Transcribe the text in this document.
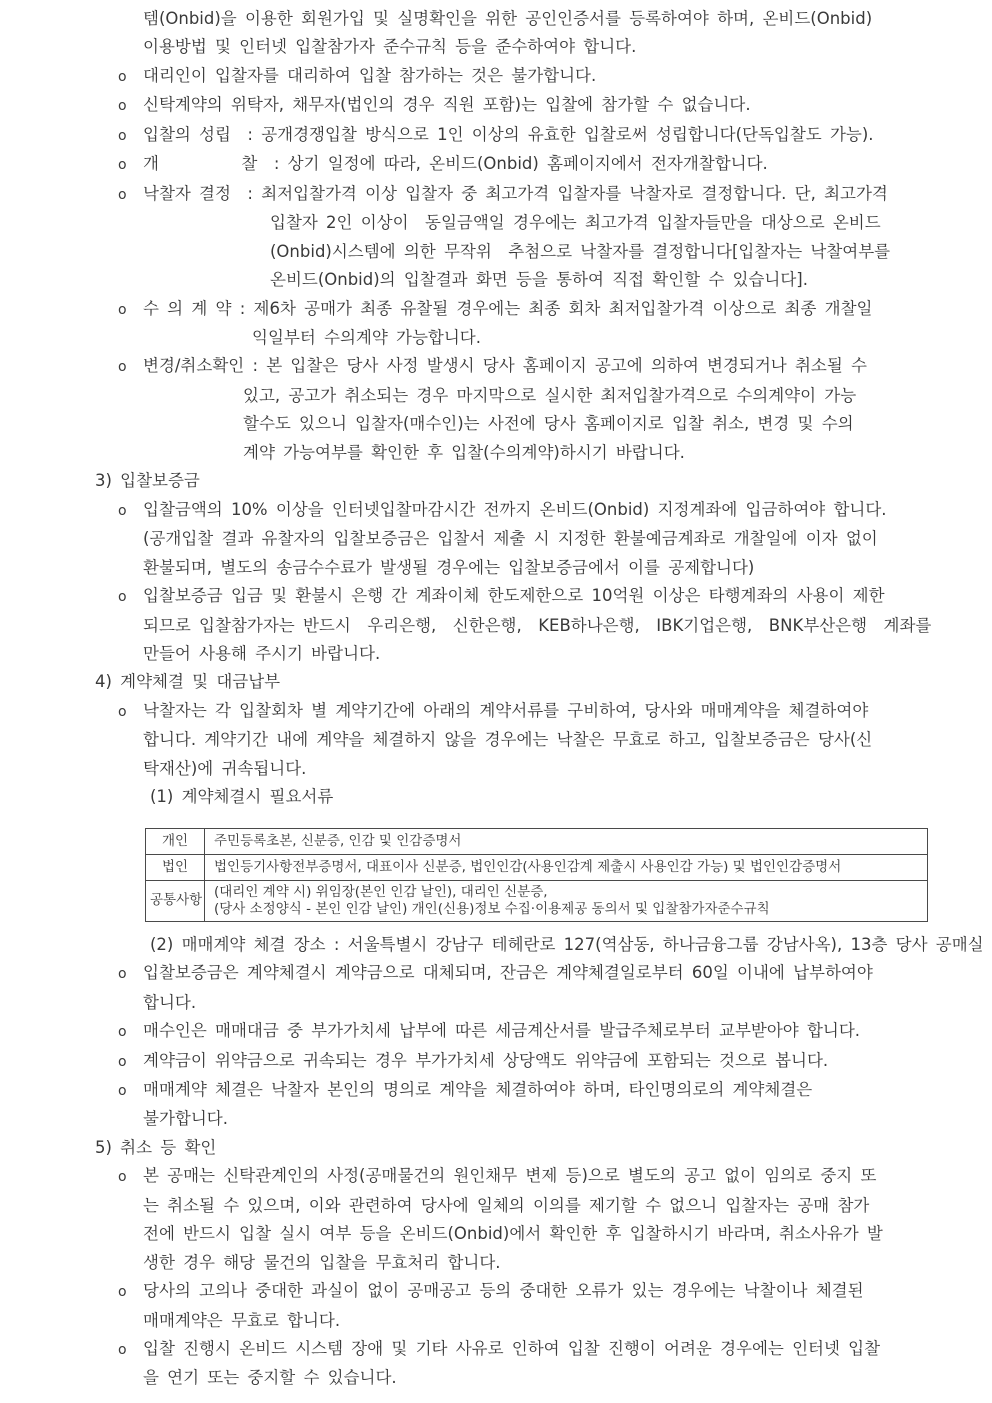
템(Onbid)을 이용한 회원가입 및 실명확인을 위한 공인인증서를 등록하여야 하며, 온비드(Onbid)
이용방법 및 인터넷 입찰참가자 준수규칙 등을 준수하여야 합니다.
o 대리인이 입찰자를 대리하여 입찰 참가하는 것은 불가합니다.
o 신탁계약의 위탁자, 채무자(법인의 경우 직원 포함)는 입찰에 참가할 수 없습니다.
o 입찰의 성립  : 공개경쟁입찰 방식으로 1인 이상의 유효한 입찰로써 성립합니다(단독입찰도 가능).
o 개          찰  : 상기 일정에 따라, 온비드(Onbid) 홈페이지에서 전자개찰합니다.
o 낙찰자 결정  : 최저입찰가격 이상 입찰자 중 최고가격 입찰자를 낙찰자로 결정합니다. 단, 최고가격
입찰자 2인 이상이  동일금액일 경우에는 최고가격 입찰자들만을 대상으로 온비드
(Onbid)시스템에 의한 무작위  추첨으로 낙찰자를 결정합니다[입찰자는 낙찰여부를
온비드(Onbid)의 입찰결과 화면 등을 통하여 직접 확인할 수 있습니다].
o 수 의 계 약 : 제6차 공매가 최종 유찰될 경우에는 최종 회차 최저입찰가격 이상으로 최종 개찰일
익일부터 수의계약 가능합니다.
o 변경/취소확인 : 본 입찰은 당사 사정 발생시 당사 홈페이지 공고에 의하여 변경되거나 취소될 수
있고, 공고가 취소되는 경우 마지막으로 실시한 최저입찰가격으로 수의계약이 가능
할수도 있으니 입찰자(매수인)는 사전에 당사 홈페이지로 입찰 취소, 변경 및 수의
계약 가능여부를 확인한 후 입찰(수의계약)하시기 바랍니다.
3) 입찰보증금
o 입찰금액의 10% 이상을 인터넷입찰마감시간 전까지 온비드(Onbid) 지정계좌에 입금하여야 합니다.
(공개입찰 결과 유찰자의 입찰보증금은 입찰서 제출 시 지정한 환불예금계좌로 개찰일에 이자 없이
환불되며, 별도의 송금수수료가 발생될 경우에는 입찰보증금에서 이를 공제합니다)
o 입찰보증금 입금 및 환불시 은행 간 계좌이체 한도제한으로 10억원 이상은 타행계좌의 사용이 제한
되므로 입찰참가자는 반드시  우리은행,  신한은행,  KEB하나은행,  IBK기업은행,  BNK부산은행  계좌를
만들어 사용해 주시기 바랍니다.
4) 계약체결 및 대금납부
o 낙찰자는 각 입찰회차 별 계약기간에 아래의 계약서류를 구비하여, 당사와 매매계약을 체결하여야
합니다. 계약기간 내에 계약을 체결하지 않을 경우에는 낙찰은 무효로 하고, 입찰보증금은 당사(신
탁재산)에 귀속됩니다.
(1) 계약체결시 필요서류
개인	주민등록초본, 신분증, 인감 및 인감증명서

법인	법인등기사항전부증명서, 대표이사 신분증, 법인인감(사용인감계 제출시 사용인감 가능) 및 법인인감증명서

공통사항	(대리인 계약 시) 위임장(본인 인감 날인), 대리인 신분증,
(당사 소정양식 - 본인 인감 날인) 개인(신용)정보 수집·이용제공 동의서 및 입찰참가자준수규칙
(2) 매매계약 체결 장소 : 서울특별시 강남구 테헤란로 127(역삼동, 하나금융그룹 강남사옥), 13층 당사 공매실
o 입찰보증금은 계약체결시 계약금으로 대체되며, 잔금은 계약체결일로부터 60일 이내에 납부하여야
합니다.
o 매수인은 매매대금 중 부가가치세 납부에 따른 세금계산서를 발급주체로부터 교부받아야 합니다.
o 계약금이 위약금으로 귀속되는 경우 부가가치세 상당액도 위약금에 포함되는 것으로 봅니다.
o 매매계약 체결은 낙찰자 본인의 명의로 계약을 체결하여야 하며, 타인명의로의 계약체결은
불가합니다.
5) 취소 등 확인
o 본 공매는 신탁관계인의 사정(공매물건의 원인채무 변제 등)으로 별도의 공고 없이 임의로 중지 또
는 취소될 수 있으며, 이와 관련하여 당사에 일체의 이의를 제기할 수 없으니 입찰자는 공매 참가
전에 반드시 입찰 실시 여부 등을 온비드(Onbid)에서 확인한 후 입찰하시기 바라며, 취소사유가 발
생한 경우 해당 물건의 입찰을 무효처리 합니다.
o 당사의 고의나 중대한 과실이 없이 공매공고 등의 중대한 오류가 있는 경우에는 낙찰이나 체결된
매매계약은 무효로 합니다.
o 입찰 진행시 온비드 시스템 장애 및 기타 사유로 인하여 입찰 진행이 어려운 경우에는 인터넷 입찰
을 연기 또는 중지할 수 있습니다.
